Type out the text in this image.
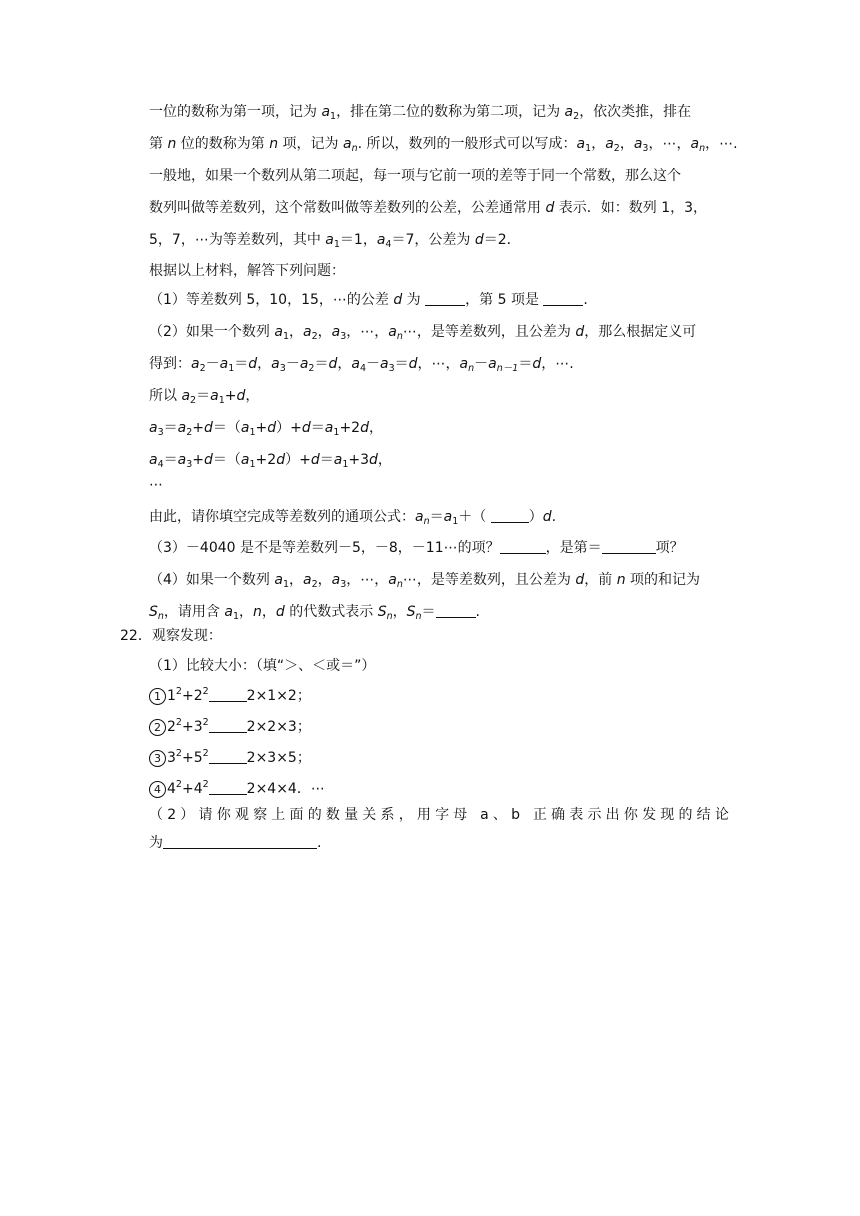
一位的数称为第一项，记为 $a_1$，排在第二位的数称为第二项，记为 $a_2$，依次类推，排在
第 n 位的数称为第 n 项，记为 $a_n$. 所以，数列的一般形式可以写成：$a_1$，$a_2$，$a_3$，⋯，$a_n$，⋯.
一般地，如果一个数列从第二项起，每一项与它前一项的差等于同一个常数，那么这个
数列叫做等差数列，这个常数叫做等差数列的公差，公差通常用 d 表示．如：数列 1，3，
5，7，⋯为等差数列，其中 $a_1=1$，$a_4=7$，公差为 d＝2．
根据以上材料，解答下列问题：
（1）等差数列 5，10，15，⋯的公差 d 为	，第 5 项是	.
（2）如果一个数列 $a_1$，$a_2$，$a_3$，⋯，$a_n\cdots$，是等差数列，且公差为 d，那么根据定义可
得到：$a_2-a_1=d$，$a_3-a_2=d$，$a_4-a_3=d$，⋯，$a_n-a_{n-1}=d$，⋯.
所以 $a_2=a_1+d$，
$a_3=a_2+d=(a_1+d)+d=a_1+2d$，
$a_4=a_3+d=(a_1+2d)+d=a_1+3d$，
⋯
由此，请你填空完成等差数列的通项公式：$a_n=a_1+$（	）d.
（3）－4040 是不是等差数列－5，－8，－11⋯的项？	，是第＝	项？
（4）如果一个数列 $a_1$，$a_2$，$a_3$，⋯，$a_n\cdots$，是等差数列，且公差为 d，前 n 项的和记为
$S_n$，请用含 $a_1$，n，d 的代数式表示 $S_n$，$S_n=$	.
22．观察发现：
（1）比较大小：（填“＞、＜或＝”）
1 $1^2+2^2$	2×1×2；
2 $2^2+3^2$	2×2×3；
3 $3^2+5^2$	2×3×5；
4 $4^2+4^2$	2×4×4．⋯
（2）请你观察上面的数量关系，用字母 a、b 正确表示出你发现的结论
为	.
